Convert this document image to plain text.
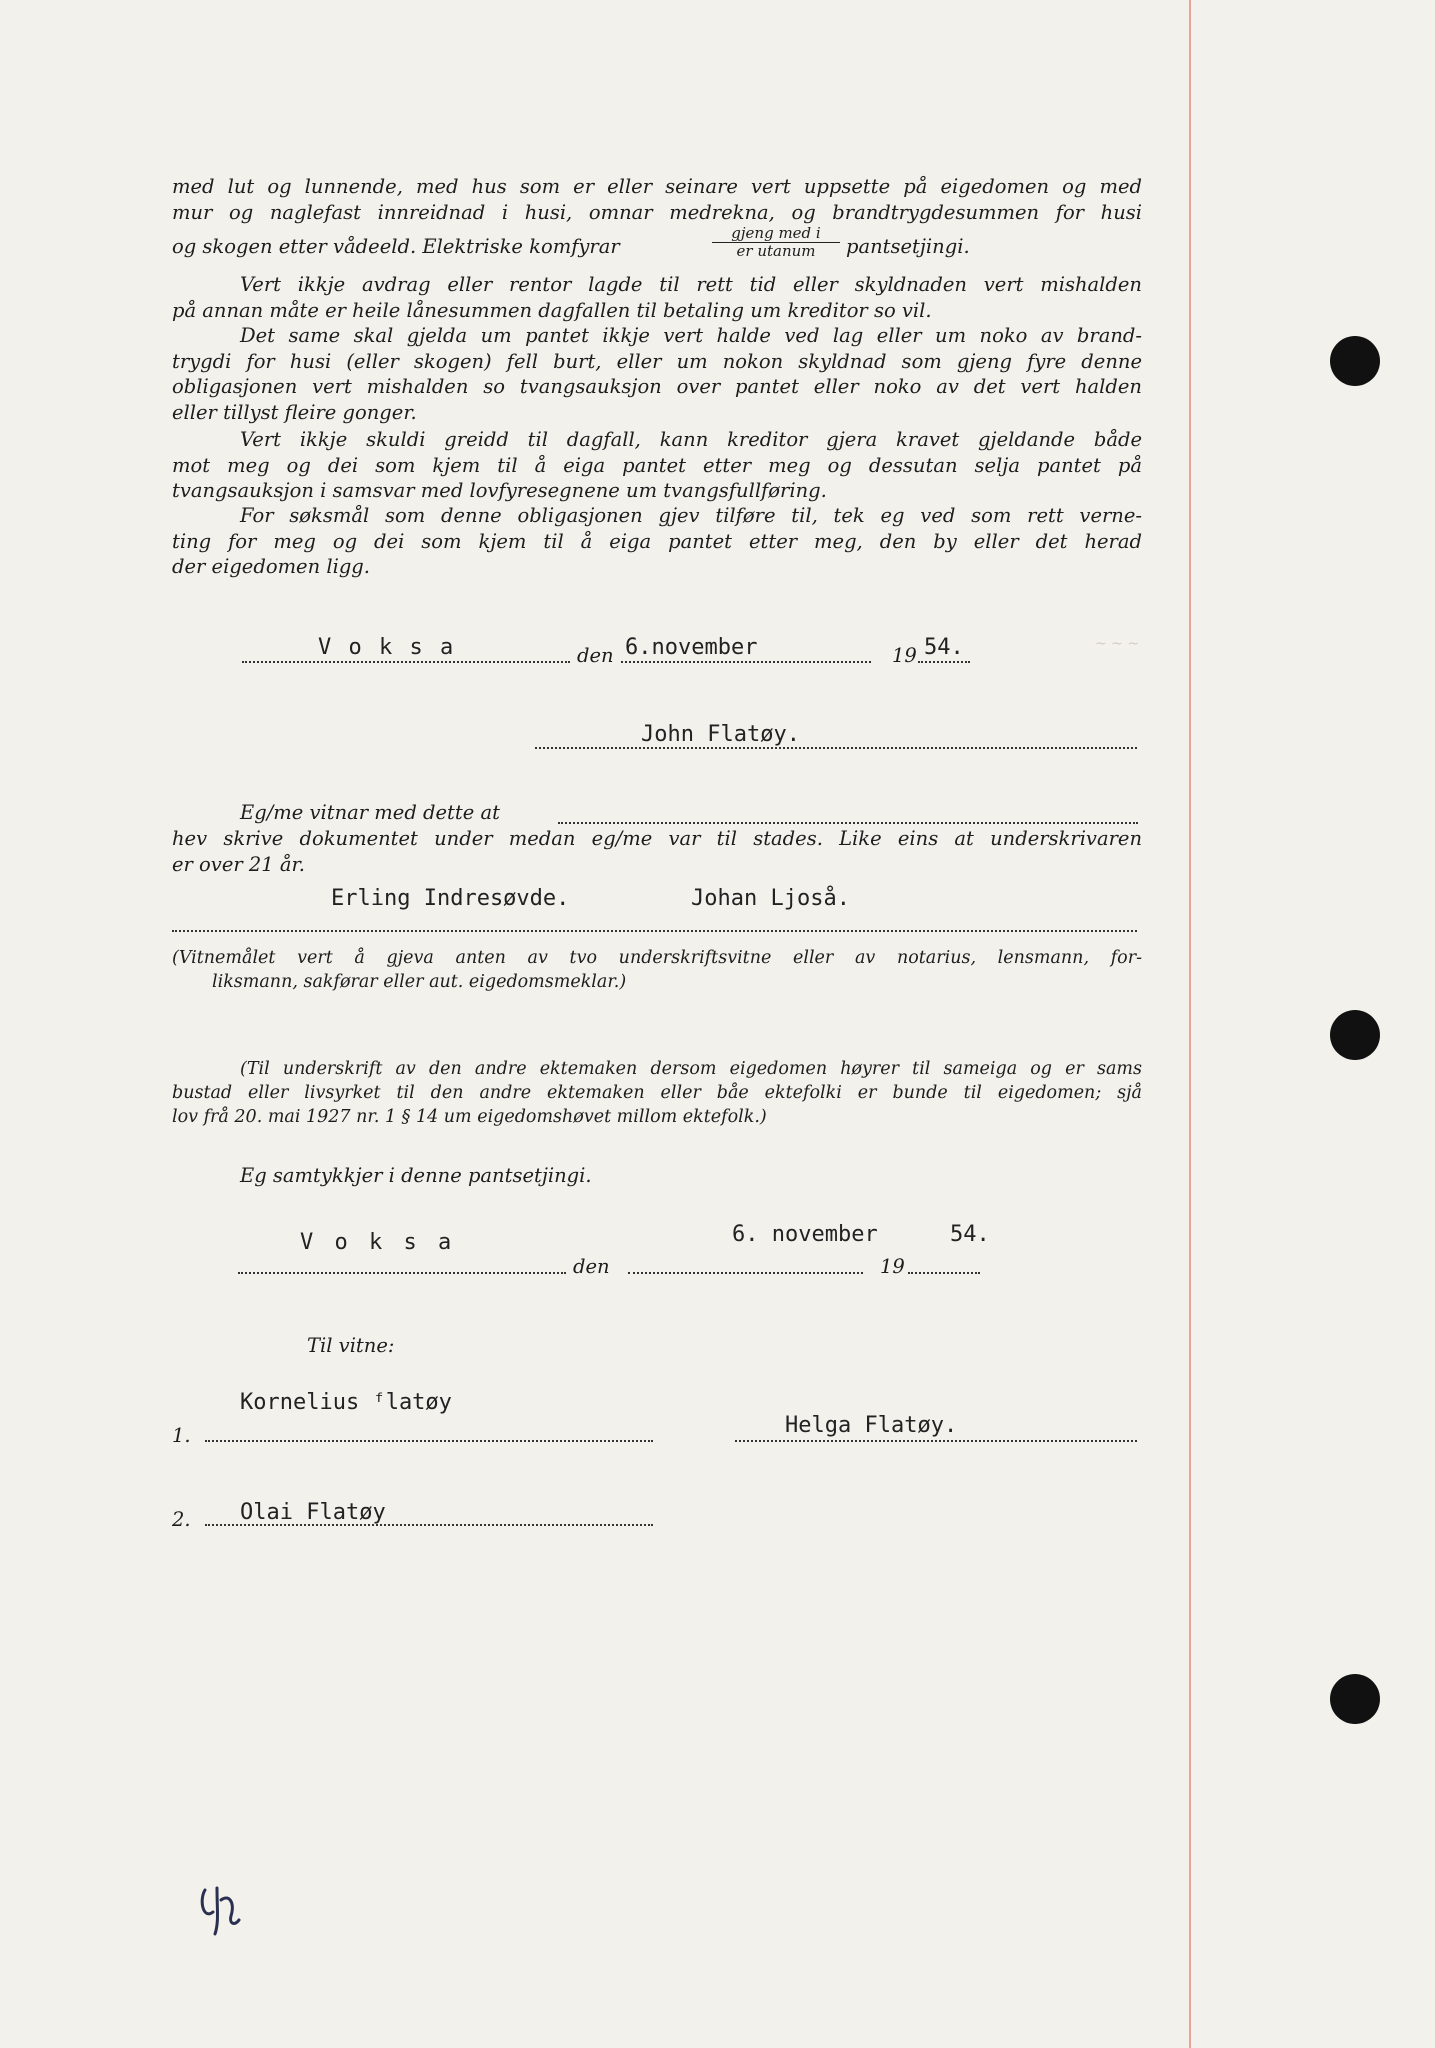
~ ~ ~
med lut og lunnende, med hus som er eller seinare vert uppsette på eigedomen og med
mur og naglefast innreidnad i husi, omnar medrekna, og brandtrygdesummen for husi
og skogen etter vådeeld. Elektriske komfyrar
gjeng med i
er utanum	pantsetjingi.
Vert ikkje avdrag eller rentor lagde til rett tid eller skyldnaden vert mishalden
på annan måte er heile lånesummen dagfallen til betaling um kreditor so vil.
Det same skal gjelda um pantet ikkje vert halde ved lag eller um noko av brand-
trygdi for husi (eller skogen) fell burt, eller um nokon skyldnad som gjeng fyre denne
obligasjonen vert mishalden so tvangsauksjon over pantet eller noko av det vert halden
eller tillyst fleire gonger.
Vert ikkje skuldi greidd til dagfall, kann kreditor gjera kravet gjeldande både
mot meg og dei som kjem til å eiga pantet etter meg og dessutan selja pantet på
tvangsauksjon i samsvar med lovfyresegnene um tvangsfullføring.
For søksmål som denne obligasjonen gjev tilføre til, tek eg ved som rett verne-
ting for meg og dei som kjem til å eiga pantet etter meg, den by eller det herad
der eigedomen ligg.
V o k s a	den 6.november	19 54.
John Flatøy.
Eg/me vitnar med dette at
hev skrive dokumentet under medan eg/me var til stades. Like eins at underskrivaren
er over 21 år.
Erling Indresøvde.	Johan Ljoså.
(Vitnemålet vert å gjeva anten av tvo underskriftsvitne eller av notarius, lensmann, for-
liksmann, sakførar eller aut. eigedomsmeklar.)
(Til underskrift av den andre ektemaken dersom eigedomen høyrer til sameiga og er sams
bustad eller livsyrket til den andre ektemaken eller båe ektefolki er bunde til eigedomen; sjå
lov frå 20. mai 1927 nr. 1 § 14 um eigedomshøvet millom ektefolk.)
Eg samtykkjer i denne pantsetjingi.
V o k s a	6. november	54.
den	19
Til vitne:
1.
Kornelius ᶠlatøy
Helga Flatøy.
2. Olai Flatøy
